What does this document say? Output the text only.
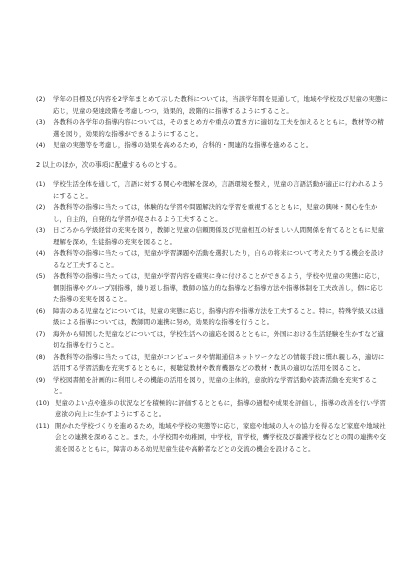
(2) 学年の目標及び内容を2学年まとめて示した教科については，当該学年間を見通して，地域や学校及び児童の実態に応じ，児童の発達段階を考慮しつつ，効果的，段階的に指導するようにすること。
(3) 各教科の各学年の指導内容については，そのまとめ方や重点の置き方に適切な工夫を加えるとともに，教材等の精選を図り，効果的な指導ができるようにすること。
(4) 児童の実態等を考慮し，指導の効果を高めるため，合科的・関連的な指導を進めること。
2 以上のほか，次の事項に配慮するものとする。
(1) 学校生活全体を通して，言語に対する関心や理解を深め，言語環境を整え，児童の言語活動が適正に行われるようにすること。
(2) 各教科等の指導に当たっては，体験的な学習や問題解決的な学習を重視するとともに，児童の興味・関心を生かし，自主的，自発的な学習が促されるよう工夫すること。
(3) 日ごろから学級経営の充実を図り，教師と児童の信頼関係及び児童相互の好ましい人間関係を育てるとともに児童理解を深め，生徒指導の充実を図ること。
(4) 各教科等の指導に当たっては，児童が学習課題や活動を選択したり，自らの将来について考えたりする機会を設けるなど工夫すること。
(5) 各教科等の指導に当たっては，児童が学習内容を確実に身に付けることができるよう，学校や児童の実態に応じ，個別指導やグループ別指導，繰り返し指導，教師の協力的な指導など指導方法や指導体制を工夫改善し，個に応じた指導の充実を図ること。
(6) 障害のある児童などについては，児童の実態に応じ，指導内容や指導方法を工夫すること。特に，特殊学級又は通級による指導については，教師間の連携に努め，効果的な指導を行うこと。
(7) 海外から帰国した児童などについては，学校生活への適応を図るとともに，外国における生活経験を生かすなど適切な指導を行うこと。
(8) 各教科等の指導に当たっては，児童がコンピュータや情報通信ネットワークなどの情報手段に慣れ親しみ，適切に活用する学習活動を充実するとともに，視聴覚教材や教育機器などの教材・教具の適切な活用を図ること。
(9) 学校図書館を計画的に利用しその機能の活用を図り，児童の主体的，意欲的な学習活動や読書活動を充実すること。
(10) 児童のよい点や進歩の状況などを積極的に評価するとともに，指導の過程や成果を評価し，指導の改善を行い学習意欲の向上に生かすようにすること。
(11) 開かれた学校づくりを進めるため，地域や学校の実態等に応じ，家庭や地域の人々の協力を得るなど家庭や地域社会との連携を深めること。また，小学校間や幼稚園，中学校，盲学校，聾学校及び養護学校などとの間の連携や交流を図るとともに，障害のある幼児児童生徒や高齢者などとの交流の機会を設けること。
